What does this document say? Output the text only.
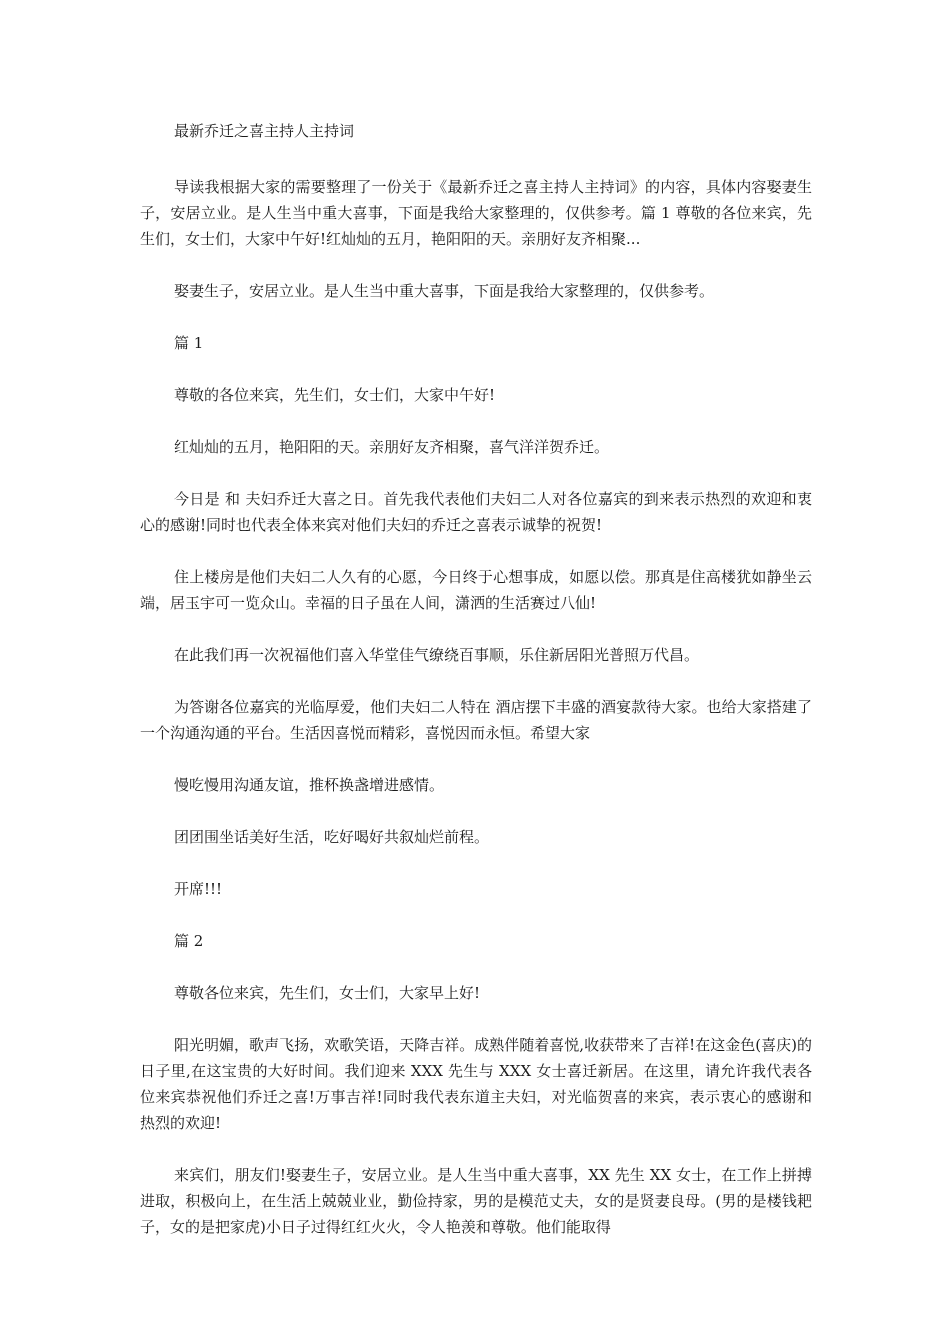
最新乔迁之喜主持人主持词

导读我根据大家的需要整理了一份关于《最新乔迁之喜主持人主持词》的内容，具体内容娶妻生子，安居立业。是人生当中重大喜事，下面是我给大家整理的，仅供参考。篇 1 尊敬的各位来宾，先生们，女士们，大家中午好!红灿灿的五月，艳阳阳的天。亲朋好友齐相聚...

娶妻生子，安居立业。是人生当中重大喜事，下面是我给大家整理的，仅供参考。

篇 1

尊敬的各位来宾，先生们，女士们，大家中午好!

红灿灿的五月，艳阳阳的天。亲朋好友齐相聚，喜气洋洋贺乔迁。

今日是 和 夫妇乔迁大喜之日。首先我代表他们夫妇二人对各位嘉宾的到来表示热烈的欢迎和衷心的感谢!同时也代表全体来宾对他们夫妇的乔迁之喜表示诚挚的祝贺!

住上楼房是他们夫妇二人久有的心愿，今日终于心想事成，如愿以偿。那真是住高楼犹如静坐云端，居玉宇可一览众山。幸福的日子虽在人间，潇洒的生活赛过八仙!

在此我们再一次祝福他们喜入华堂佳气缭绕百事顺，乐住新居阳光普照万代昌。

为答谢各位嘉宾的光临厚爱，他们夫妇二人特在 酒店摆下丰盛的酒宴款待大家。也给大家搭建了一个沟通沟通的平台。生活因喜悦而精彩，喜悦因而永恒。希望大家

慢吃慢用沟通友谊，推杯换盏增进感情。

团团围坐话美好生活，吃好喝好共叙灿烂前程。

开席!!!

篇 2

尊敬各位来宾，先生们，女士们，大家早上好!

阳光明媚，歌声飞扬，欢歌笑语，天降吉祥。成熟伴随着喜悦,收获带来了吉祥!在这金色(喜庆)的日子里,在这宝贵的大好时间。我们迎来 XXX 先生与 XXX 女士喜迁新居。在这里，请允许我代表各位来宾恭祝他们乔迁之喜!万事吉祥!同时我代表东道主夫妇，对光临贺喜的来宾，表示衷心的感谢和热烈的欢迎!

来宾们，朋友们!娶妻生子，安居立业。是人生当中重大喜事，XX 先生 XX 女士，在工作上拼搏进取，积极向上，在生活上兢兢业业，勤俭持家，男的是模范丈夫，女的是贤妻良母。(男的是楼钱耙子，女的是把家虎)小日子过得红红火火，令人艳羡和尊敬。他们能取得
